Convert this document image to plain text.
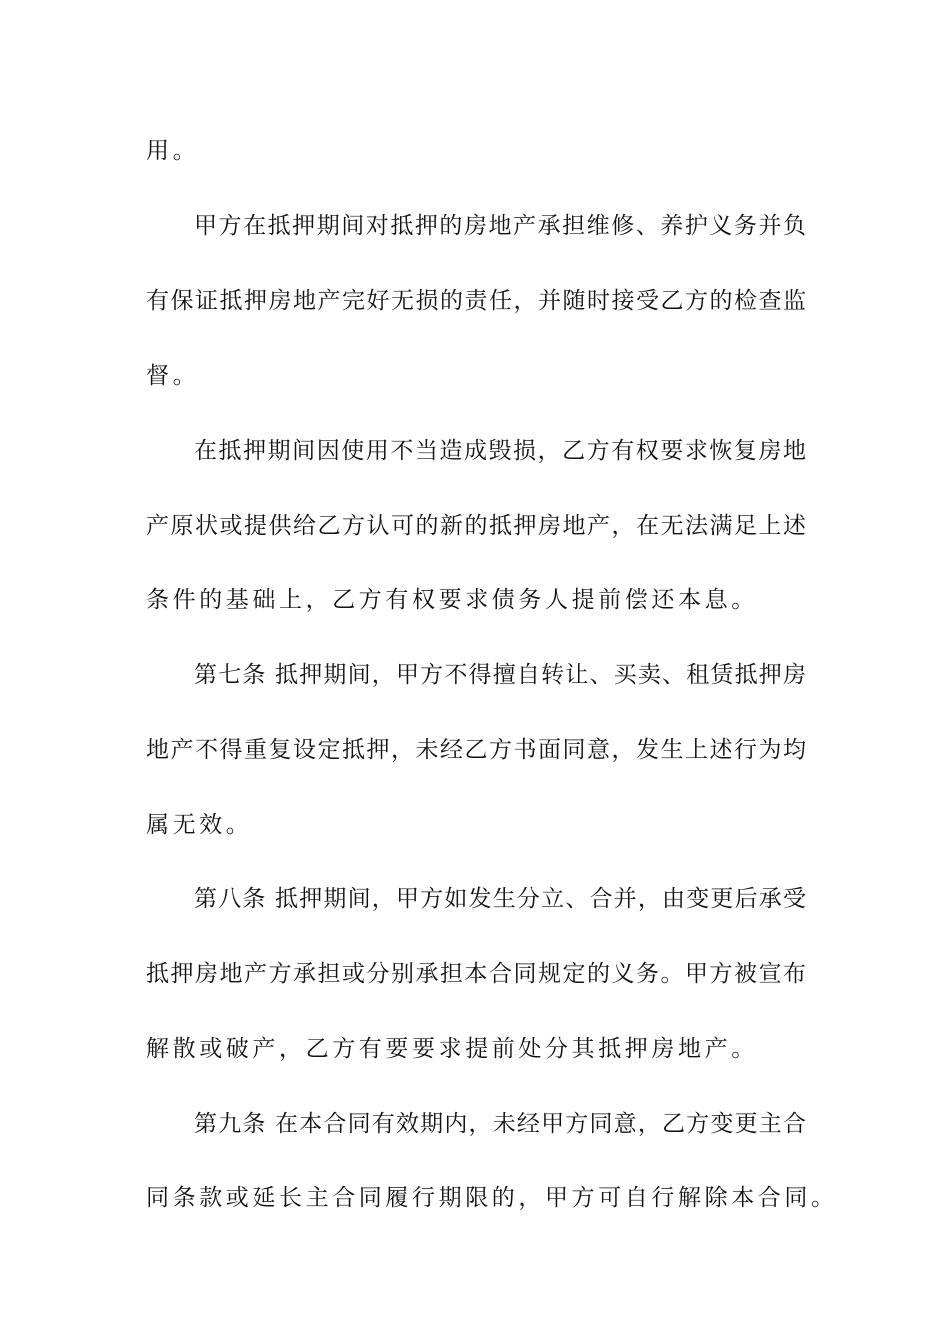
用。
甲方在抵押期间对抵押的房地产承担维修、养护义务并负
有保证抵押房地产完好无损的责任，并随时接受乙方的检查监
督。
在抵押期间因使用不当造成毁损，乙方有权要求恢复房地
产原状或提供给乙方认可的新的抵押房地产，在无法满足上述
条件的基础上，乙方有权要求债务人提前偿还本息。
第七条 抵押期间，甲方不得擅自转让、买卖、租赁抵押房
地产不得重复设定抵押，未经乙方书面同意，发生上述行为均
属无效。
第八条 抵押期间，甲方如发生分立、合并，由变更后承受
抵押房地产方承担或分别承担本合同规定的义务。甲方被宣布
解散或破产，乙方有要要求提前处分其抵押房地产。
第九条 在本合同有效期内，未经甲方同意，乙方变更主合
同条款或延长主合同履行期限的，甲方可自行解除本合同。
